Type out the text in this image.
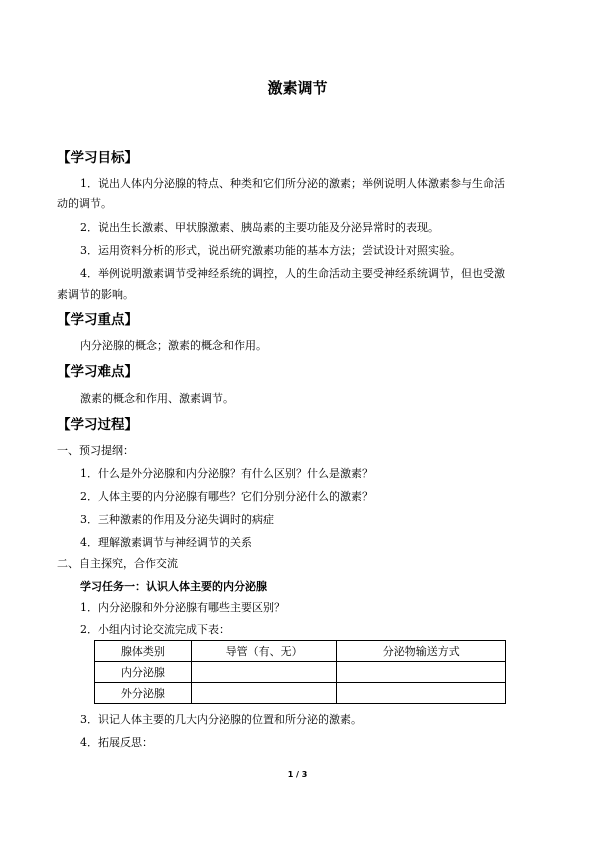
激素调节
【学习目标】
1．说出人体内分泌腺的特点、种类和它们所分泌的激素；举例说明人体激素参与生命活
动的调节。
2．说出生长激素、甲状腺激素、胰岛素的主要功能及分泌异常时的表现。
3．运用资料分析的形式，说出研究激素功能的基本方法；尝试设计对照实验。
4．举例说明激素调节受神经系统的调控，人的生命活动主要受神经系统调节，但也受激
素调节的影响。
【学习重点】
内分泌腺的概念；激素的概念和作用。
【学习难点】
激素的概念和作用、激素调节。
【学习过程】
一、预习提纲：
1．什么是外分泌腺和内分泌腺？有什么区别？什么是激素？
2．人体主要的内分泌腺有哪些？它们分别分泌什么的激素？
3．三种激素的作用及分泌失调时的病症
4．理解激素调节与神经调节的关系
二、自主探究，合作交流
学习任务一：认识人体主要的内分泌腺
1．内分泌腺和外分泌腺有哪些主要区别？
2．小组内讨论交流完成下表：
腺体类别	导管（有、无）	分泌物输送方式
内分泌腺		
外分泌腺		
3．识记人体主要的几大内分泌腺的位置和所分泌的激素。
4．拓展反思：
1 / 3
